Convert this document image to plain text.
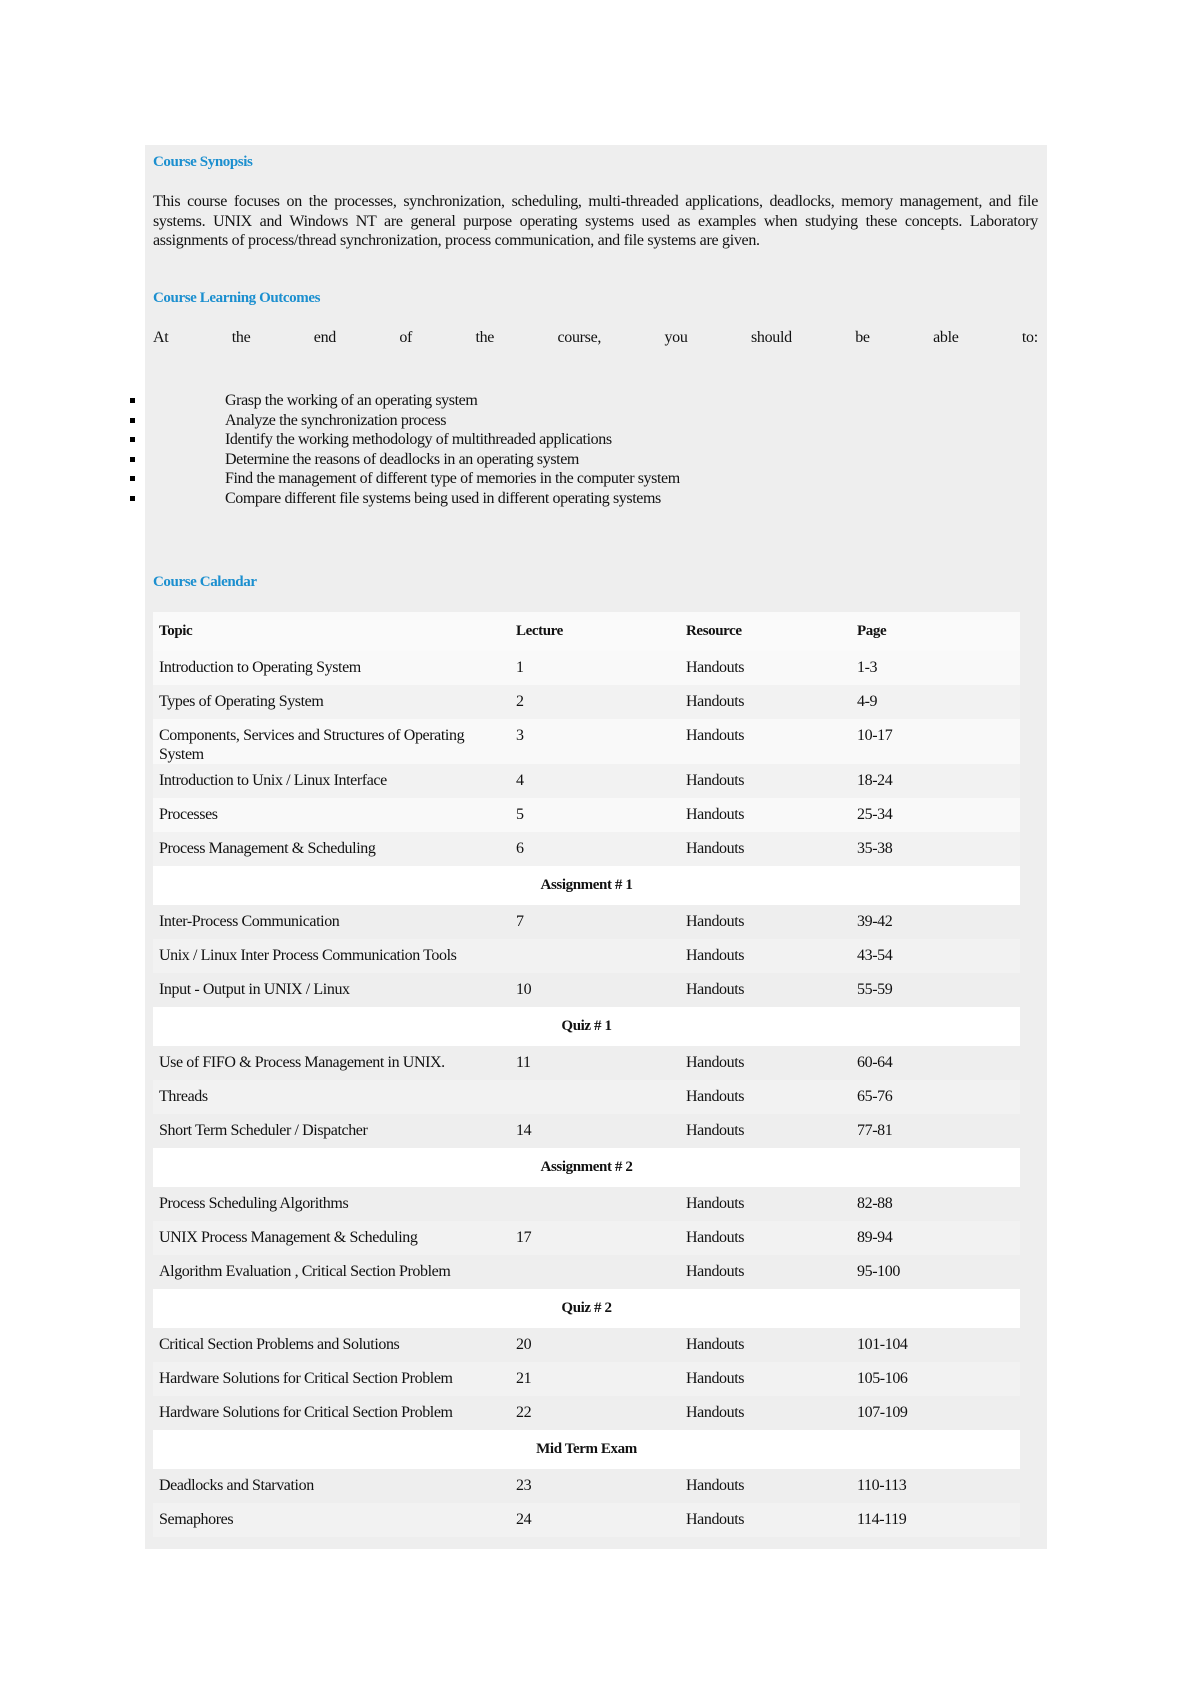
Course Synopsis
This course focuses on the processes, synchronization, scheduling, multi-threaded applications, deadlocks, memory management, and file systems. UNIX and Windows NT are general purpose operating systems used as examples when studying these concepts. Laboratory assignments of process/thread synchronization, process communication, and file systems are given.
Course Learning Outcomes
At	the	end	of	the	course,	you	should	be	able	to:
Grasp the working of an operating system
Analyze the synchronization process
Identify the working methodology of multithreaded applications
Determine the reasons of deadlocks in an operating system
Find the management of different type of memories in the computer system
Compare different file systems being used in different operating systems
Course Calendar
Topic	Lecture	Resource	Page
Introduction to Operating System	1	Handouts	1-3
Types of Operating System	2	Handouts	4-9
Components, Services and Structures of Operating System	3	Handouts	10-17
Introduction to Unix / Linux Interface	4	Handouts	18-24
Processes	5	Handouts	25-34
Process Management & Scheduling	6	Handouts	35-38
Assignment # 1			
Inter-Process Communication	7	Handouts	39-42
Unix / Linux Inter Process Communication Tools		Handouts	43-54
Input - Output in UNIX / Linux	10	Handouts	55-59
Quiz # 1			
Use of FIFO & Process Management in UNIX.	11	Handouts	60-64
Threads		Handouts	65-76
Short Term Scheduler / Dispatcher	14	Handouts	77-81
Assignment # 2			
Process Scheduling Algorithms		Handouts	82-88
UNIX Process Management & Scheduling	17	Handouts	89-94
Algorithm Evaluation , Critical Section Problem		Handouts	95-100
Quiz # 2			
Critical Section Problems and Solutions	20	Handouts	101-104
Hardware Solutions for Critical Section Problem	21	Handouts	105-106
Hardware Solutions for Critical Section Problem	22	Handouts	107-109
Mid Term Exam			
Deadlocks and Starvation	23	Handouts	110-113
Semaphores	24	Handouts	114-119
